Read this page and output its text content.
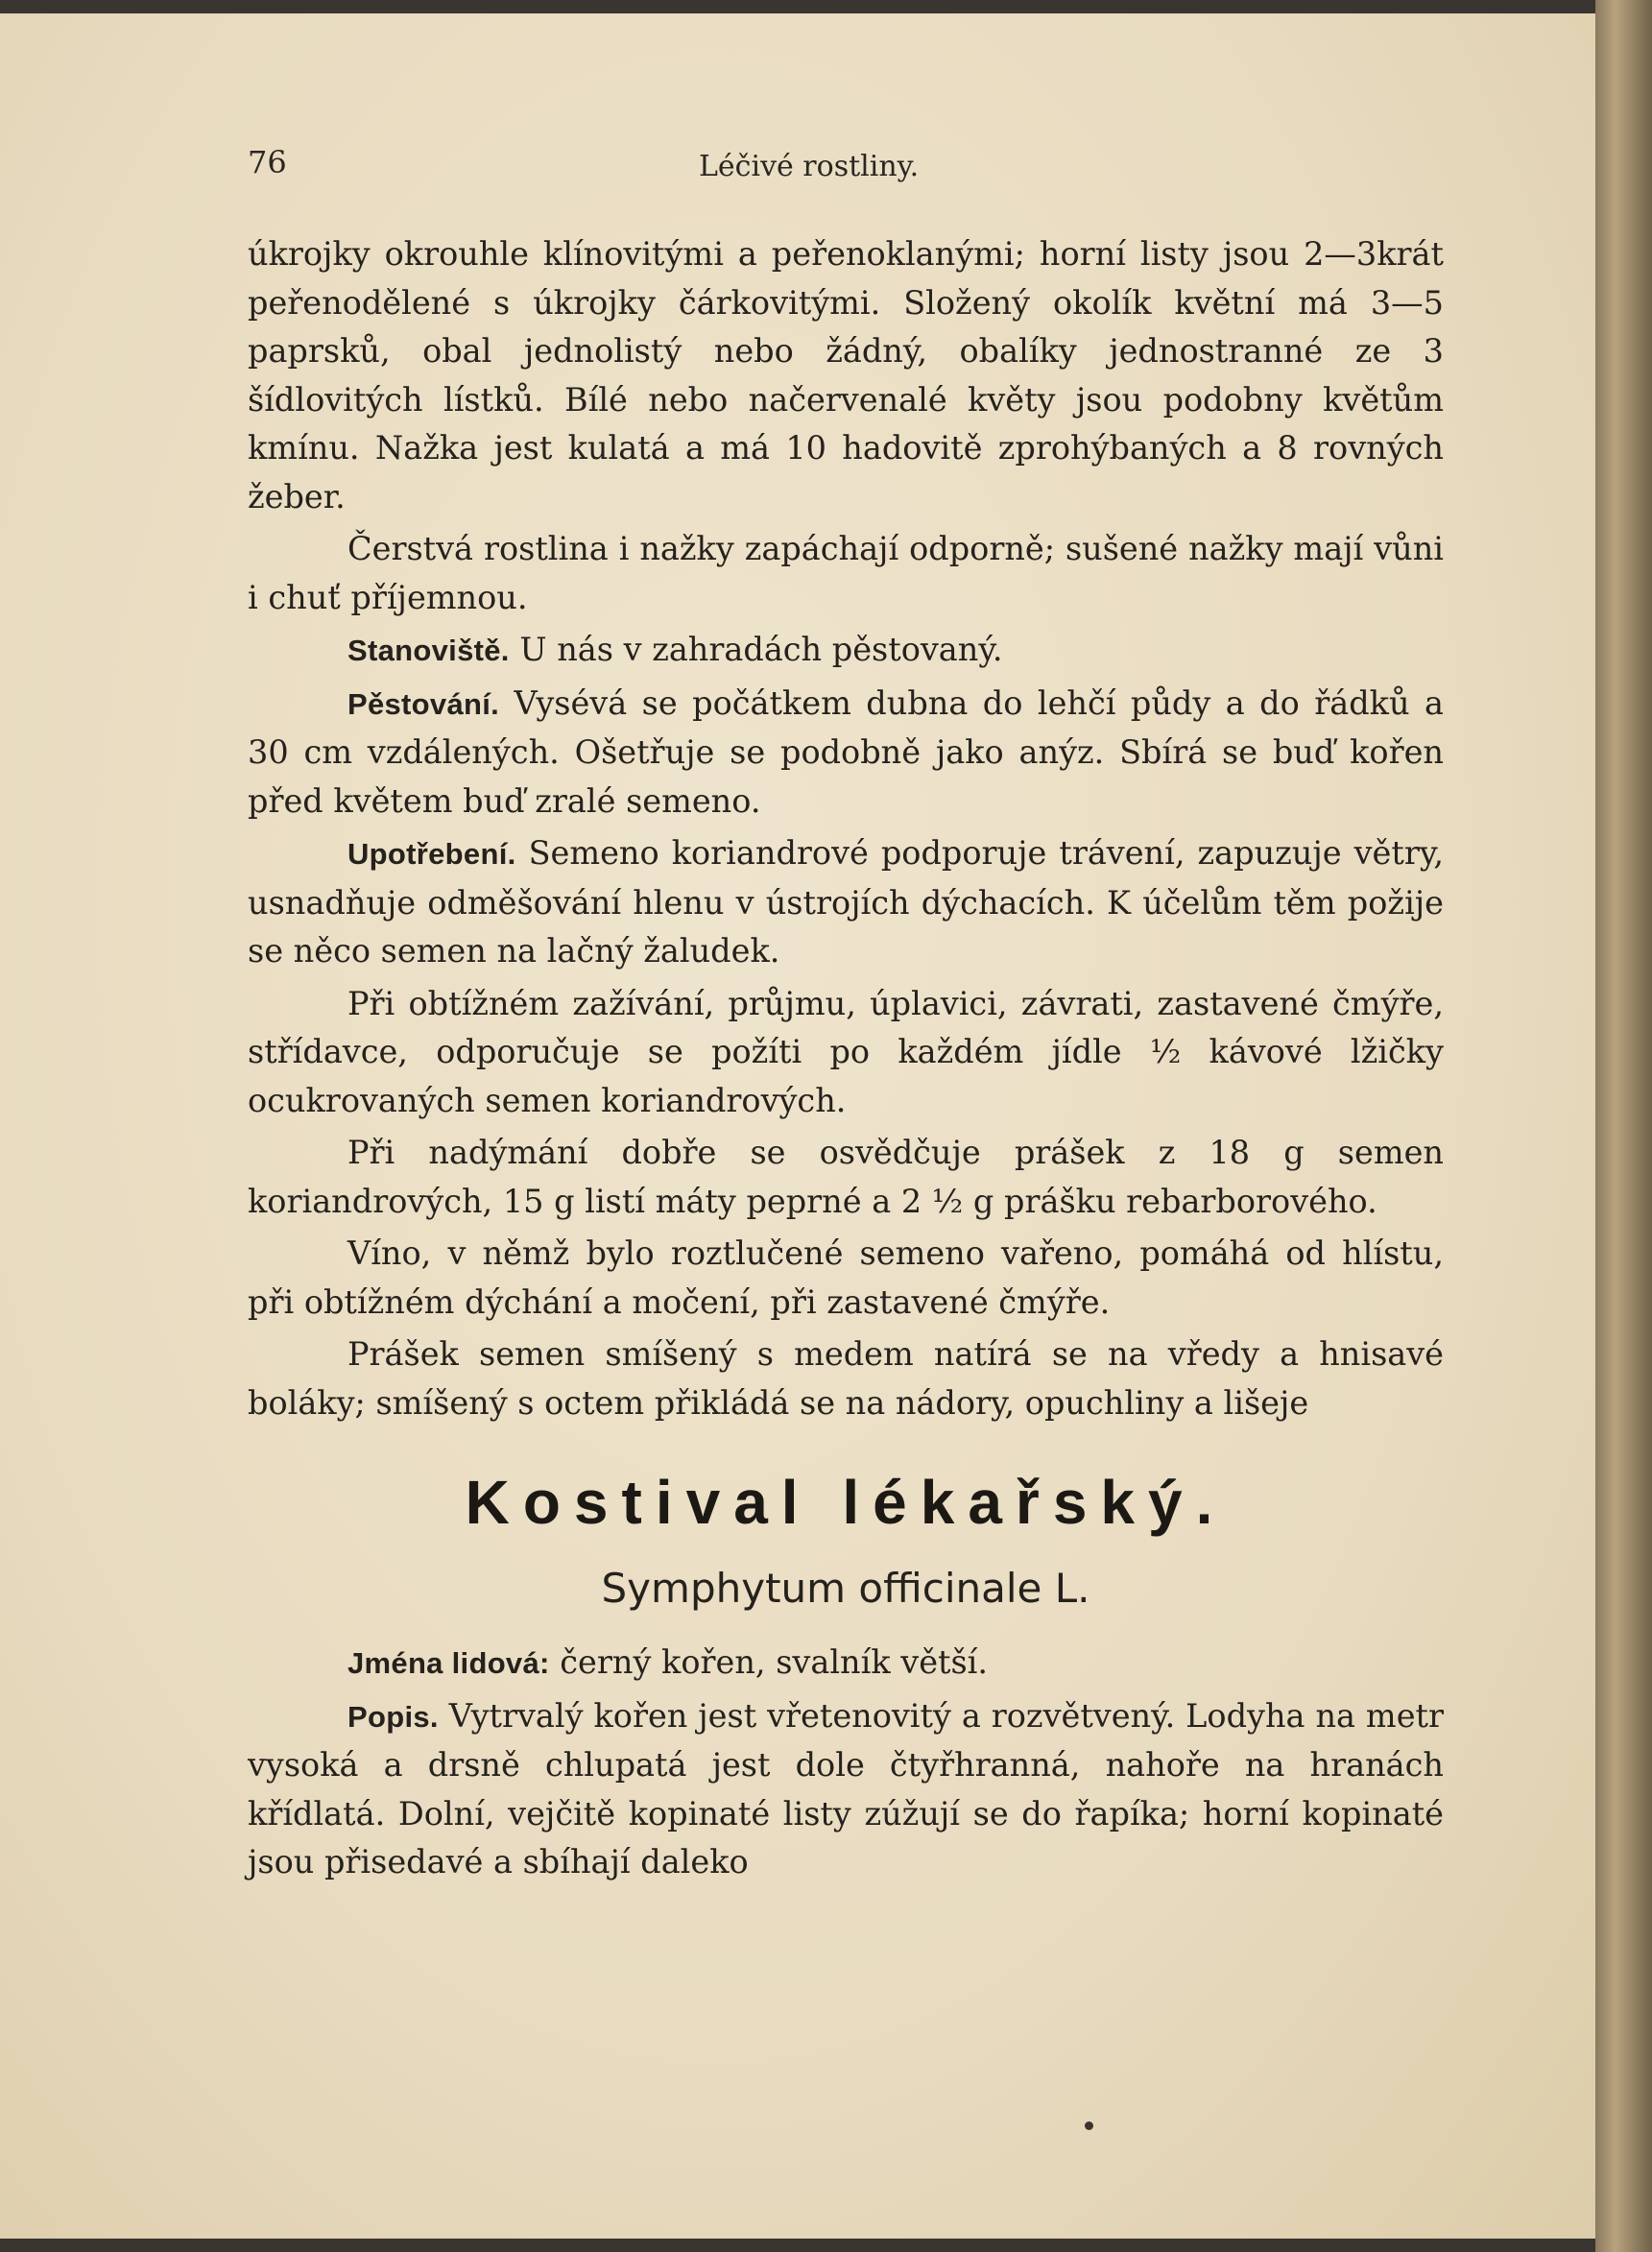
76	Léčivé rostliny.

úkrojky okrouhle klínovitými a peřenoklanými; horní listy jsou 2—3krát peřenodělené s úkrojky čárkovitými. Složený okolík květní má 3—5 paprsků, obal jednolistý nebo žádný, obalíky jednostranné ze 3 šídlovitých lístků. Bílé nebo načervenalé květy jsou podobny květům kmínu. Nažka jest kulatá a má 10 hadovitě zprohýbaných a 8 rovných žeber.

Čerstvá rostlina i nažky zapáchají odporně; sušené nažky mají vůni i chuť příjemnou.

Stanoviště. U nás v zahradách pěstovaný.

Pěstování. Vysévá se počátkem dubna do lehčí půdy a do řádků a 30 cm vzdálených. Ošetřuje se podobně jako anýz. Sbírá se buď kořen před květem buď zralé semeno.

Upotřebení. Semeno koriandrové podporuje trávení, zapuzuje větry, usnadňuje odměšování hlenu v ústrojích dýchacích. K účelům těm požije se něco semen na lačný žaludek.

Při obtížném zažívání, průjmu, úplavici, závrati, zastavené čmýře, střídavce, odporučuje se požíti po každém jídle ½ kávové lžičky ocukrovaných semen koriandrových.

Při nadýmání dobře se osvědčuje prášek z 18 g semen koriandrových, 15 g listí máty peprné a 2 ½ g prášku rebarborového.

Víno, v němž bylo roztlučené semeno vařeno, pomáhá od hlístu, při obtížném dýchání a močení, při zastavené čmýře.

Prášek semen smíšený s medem natírá se na vředy a hnisavé boláky; smíšený s octem přikládá se na nádory, opuchliny a lišeje

Kostival lékařský.

Symphytum officinale L.

Jména lidová: černý kořen, svalník větší.

Popis. Vytrvalý kořen jest vřetenovitý a rozvětvený. Lodyha na metr vysoká a drsně chlupatá jest dole čtyřhranná, nahoře na hranách křídlatá. Dolní, vejčitě kopinaté listy zúžují se do řapíka; horní kopinaté jsou přisedavé a sbíhají daleko
